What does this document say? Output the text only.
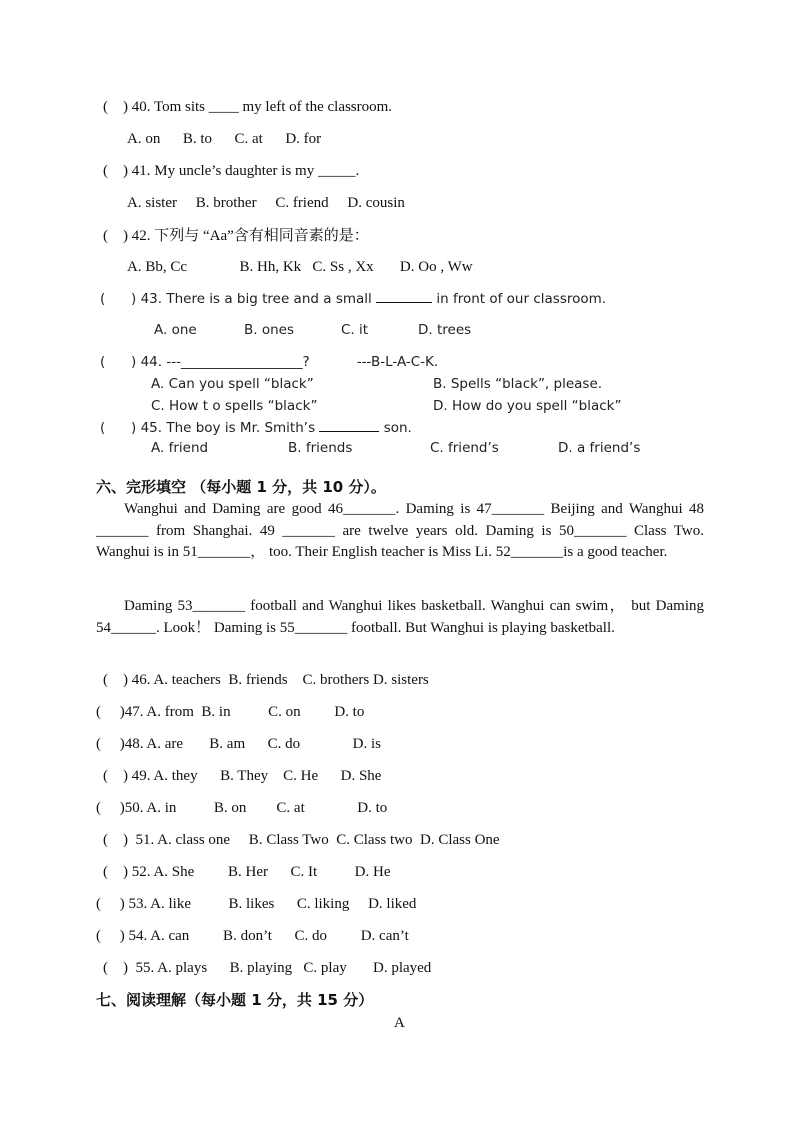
(    ) 40. Tom sits ____ my left of the classroom.
A. on      B. to      C. at      D. for
(    ) 41. My uncle’s daughter is my _____.
A. sister     B. brother     C. friend     D. cousin
(    ) 42. 下列与 “Aa”含有相同音素的是：
A. Bb, Cc              B. Hh, Kk   C. Ss , Xx       D. Oo , Ww
(      ) 43. There is a big tree and a small	in front of our classroom.
A. one	B. ones	C. it	D. trees
(      ) 44. ---__________________?           ---B-L-A-C-K.
A. Can you spell “black”	B. Spells “black”, please.
C. How t o spells “black”	D. How do you spell “black”
(      ) 45. The boy is Mr. Smith’s	son.
A. friend	B. friends	C. friend’s	D. a friend’s
六、完形填空 （每小题 1 分，共 10 分）。
Wanghui and Daming are good 46_______. Daming is 47_______ Beijing and Wanghui 48 _______ from Shanghai. 49 _______ are twelve years old. Daming is 50_______ Class Two. Wanghui is in 51_______， too. Their English teacher is Miss Li. 52_______is a good teacher.
Daming 53_______ football and Wanghui likes basketball. Wanghui can swim， but Daming 54______. Look！ Daming is 55_______ football. But Wanghui is playing basketball.
(    ) 46. A. teachers  B. friends    C. brothers D. sisters
(     )47. A. from  B. in          C. on         D. to
(     )48. A. are       B. am      C. do              D. is
(    ) 49. A. they      B. They    C. He      D. She
(     )50. A. in          B. on        C. at              D. to
(    )  51. A. class one     B. Class Two  C. Class two  D. Class One
(    ) 52. A. She         B. Her      C. It          D. He
(     ) 53. A. like          B. likes      C. liking     D. liked
(     ) 54. A. can         B. don’t      C. do         D. can’t
(    )  55. A. plays      B. playing   C. play       D. played
七、阅读理解（每小题 1 分，共 15 分）
A
